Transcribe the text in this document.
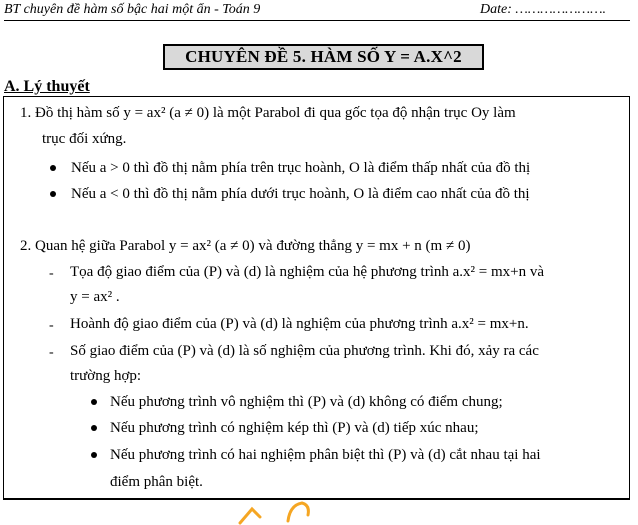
BT chuyên đề hàm số bậc hai một ẩn - Toán 9	Date: ………………….
CHUYÊN ĐỀ 5. HÀM SỐ Y = A.X^2
A. Lý thuyết
1. Đồ thị hàm số y = ax² (a ≠ 0) là một Parabol đi qua gốc tọa độ nhận trục Oy làm
trục đối xứng.
Nếu a > 0 thì đồ thị nằm phía trên trục hoành, O là điểm thấp nhất của đồ thị
Nếu a < 0 thì đồ thị nằm phía dưới trục hoành, O là điểm cao nhất của đồ thị
2. Quan hệ giữa Parabol y = ax² (a ≠ 0) và đường thẳng y = mx + n (m ≠ 0)
- Tọa độ giao điểm của (P) và (d) là nghiệm của hệ phương trình a.x² = mx+n và
y = ax² .
- Hoành độ giao điểm của (P) và (d) là nghiệm của phương trình a.x² = mx+n.
- Số giao điểm của (P) và (d) là số nghiệm của phương trình. Khi đó, xảy ra các
trường hợp:
Nếu phương trình vô nghiệm thì (P) và (d) không có điểm chung;
Nếu phương trình có nghiệm kép thì (P) và (d) tiếp xúc nhau;
Nếu phương trình có hai nghiệm phân biệt thì (P) và (d) cắt nhau tại hai
điểm phân biệt.
